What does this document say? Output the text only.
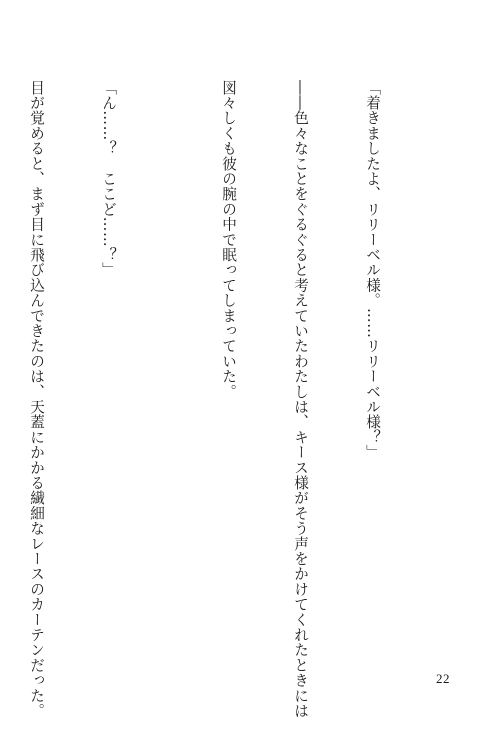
「着きましたよ、リリーベル様。……リリーベル様？」

――色々なことをぐるぐると考えていたわたしは、キース様がそう声をかけてくれたときには

図々しくも彼の腕の中で眠ってしまっていた。

「ん……？　ここど……？」

目が覚めると、まず目に飛び込んできたのは、天蓋にかかる繊細なレースのカーテンだった。

	22
